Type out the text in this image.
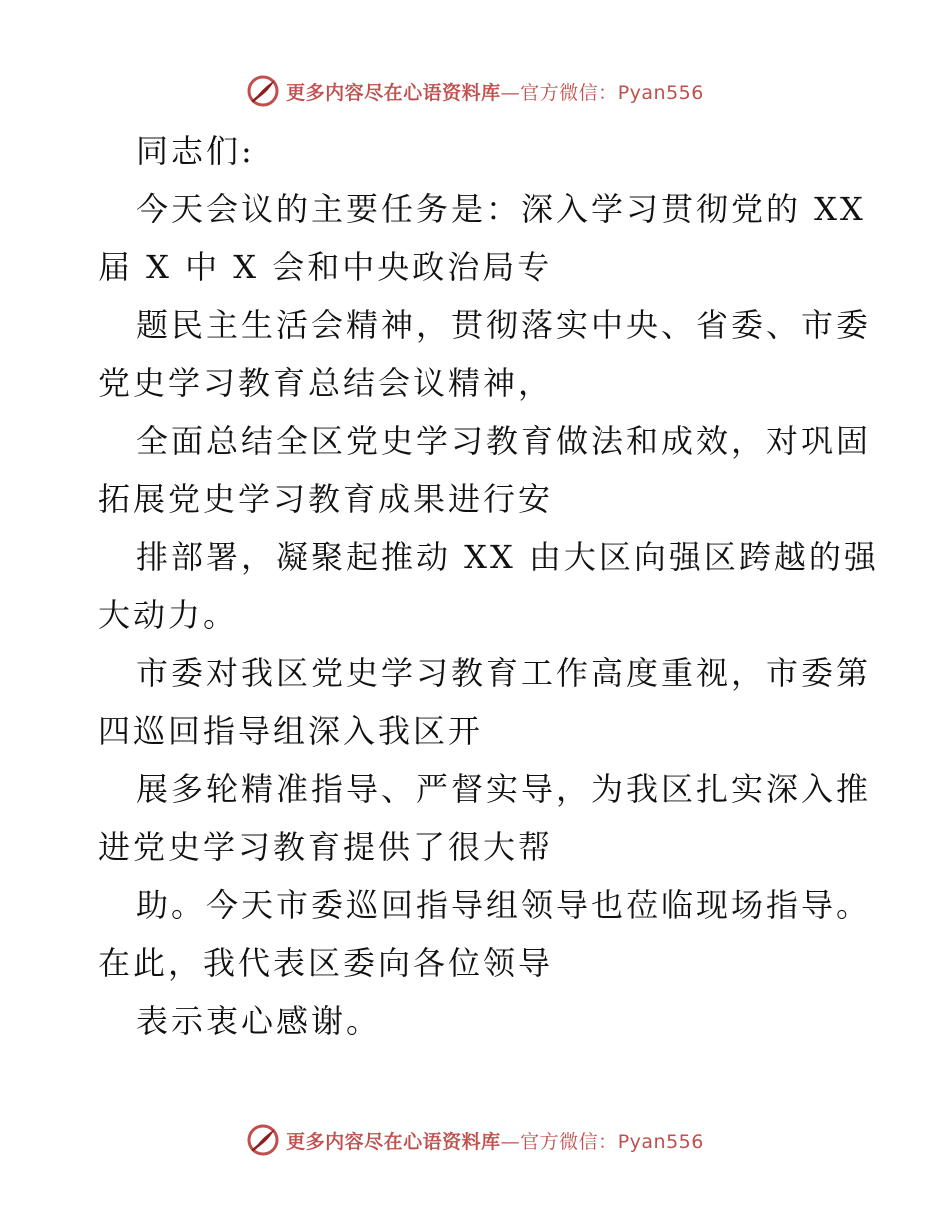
更多内容尽在心语资料库—官方微信：Pyan556
同志们:
今天会议的主要任务是：深入学习贯彻党的 XX
届 X 中 X 会和中央政治局专
题民主生活会精神，贯彻落实中央、省委、市委
党史学习教育总结会议精神，
全面总结全区党史学习教育做法和成效，对巩固
拓展党史学习教育成果进行安
排部署，凝聚起推动 XX 由大区向强区跨越的强
大动力。
市委对我区党史学习教育工作高度重视，市委第
四巡回指导组深入我区开
展多轮精准指导、严督实导，为我区扎实深入推
进党史学习教育提供了很大帮
助。今天市委巡回指导组领导也莅临现场指导。
在此，我代表区委向各位领导
表示衷心感谢。
更多内容尽在心语资料库—官方微信：Pyan556
